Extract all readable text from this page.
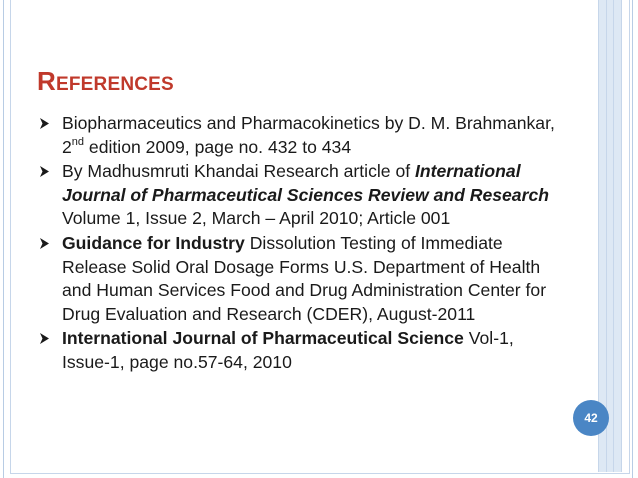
REFERENCES
Biopharmaceutics and Pharmacokinetics by D. M. Brahmankar, 2nd edition 2009, page no. 432 to 434
By Madhusmruti Khandai Research article of International Journal of Pharmaceutical Sciences Review and Research Volume 1, Issue 2, March – April 2010; Article 001
Guidance for Industry Dissolution Testing of Immediate Release Solid Oral Dosage Forms U.S. Department of Health and Human Services Food and Drug Administration Center for Drug Evaluation and Research (CDER), August-2011
International Journal of Pharmaceutical Science Vol-1, Issue-1, page no.57-64, 2010
42
